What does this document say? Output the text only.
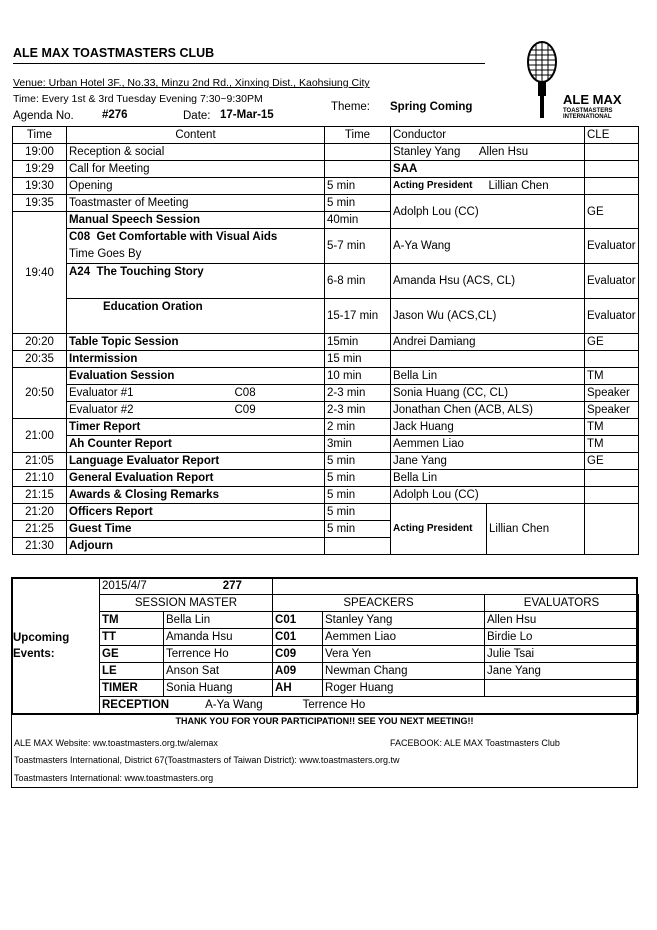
ALE MAX TOASTMASTERS CLUB
Venue: Urban Hotel 3F., No.33, Minzu 2nd Rd., Xinxing Dist., Kaohsiung City
Time: Every 1st & 3rd Tuesday Evening 7:30~9:30PM
Agenda No. #276	Date: 17-Mar-15
Theme: Spring Coming	ALE MAX
TOASTMASTERS INTERNATIONAL
Time	Content	Time	Conductor		CLE
19:00	Reception & social		Stanley Yang      Allen Hsu		
19:29	Call for Meeting		SAA		
19:30	Opening	5 min	Acting President	Lillian Chen	
19:35	Toastmaster of Meeting	5 min	Adolph Lou (CC)		GE
19:40	Manual Speech Session	40min			
	C08 Get Comfortable with Visual Aids
Time Goes By	5-7 min	A-Ya Wang		Evaluator
	A24 The Touching Story	6-8 min	Amanda Hsu (ACS, CL)		Evaluator
	Education Oration	15-17 min	Jason Wu (ACS,CL)		Evaluator
20:20	Table Topic Session	15min	Andrei Damiang		GE
20:35	Intermission	15 min			
20:50	Evaluation Session	10 min	Bella Lin		TM
	Evaluator #1 C08	2-3 min	Sonia Huang (CC, CL)		Speaker
	Evaluator #2 C09	2-3 min	Jonathan Chen (ACB, ALS)		Speaker
21:00	Timer Report	2 min	Jack Huang		TM
	Ah Counter Report	3min	Aemmen Liao		TM
21:05	Language Evaluator Report	5 min	Jane Yang		GE
21:10	General Evaluation Report	5 min	Bella Lin		
21:15	Awards & Closing Remarks	5 min	Adolph Lou (CC)		
21:20	Officers Report	5 min	Acting President	Lillian Chen	
21:25	Guest Time	5 min			
21:30	Adjourn				
Upcoming Events:
2015/4/7 277				
SESSION MASTER		SPEACKERS		EVALUATORS
TM	Bella Lin	C01	Stanley Yang	Allen Hsu
TT	Amanda Hsu	C01	Aemmen Liao	Birdie Lo
GE	Terrence Ho	C09	Vera Yen	Julie Tsai
LE	Anson Sat	A09	Newman Chang	Jane Yang
TIMER	Sonia Huang	AH	Roger Huang	
RECEPTION A-Ya Wang Terrence Ho				
THANK YOU FOR YOUR PARTICIPATION!! SEE YOU NEXT MEETING!!
ALE MAX Website: ww.toastmasters.org.tw/alemax	FACEBOOK: ALE MAX Toastmasters Club
Toastmasters International, District 67(Toastmasters of Taiwan District): www.toastmasters.org.tw
Toastmasters International: www.toastmasters.org
